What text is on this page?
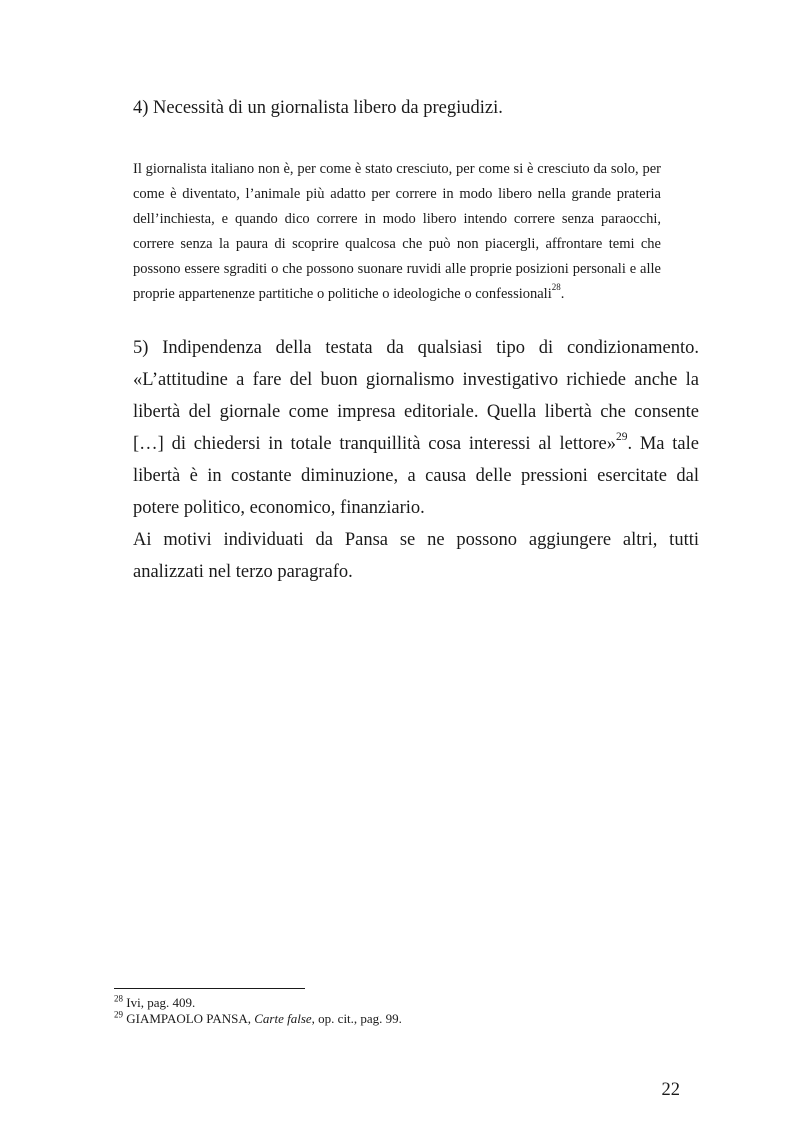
4) Necessità di un giornalista libero da pregiudizi.

Il giornalista italiano non è, per come è stato cresciuto, per come si è cresciuto da solo, per come è diventato, l’animale più adatto per correre in modo libero nella grande prateria dell’inchiesta, e quando dico correre in modo libero intendo correre senza paraocchi, correre senza la paura di scoprire qualcosa che può non piacergli, affrontare temi che possono essere sgraditi o che possono suonare ruvidi alle proprie posizioni personali e alle proprie appartenenze partitiche o politiche o ideologiche o confessionali$^{28}$.

5) Indipendenza della testata da qualsiasi tipo di condizionamento. «L’attitudine a fare del buon giornalismo investigativo richiede anche la libertà del giornale come impresa editoriale. Quella libertà che consente […] di chiedersi in totale tranquillità cosa interessi al lettore»$^{29}$. Ma tale libertà è in costante diminuzione, a causa delle pressioni esercitate dal potere politico, economico, finanziario.

Ai motivi individuati da Pansa se ne possono aggiungere altri, tutti analizzati nel terzo paragrafo.

$^{28}$ Ivi, pag. 409.

$^{29}$ GIAMPAOLO PANSA, Carte false, op. cit., pag. 99.

22
